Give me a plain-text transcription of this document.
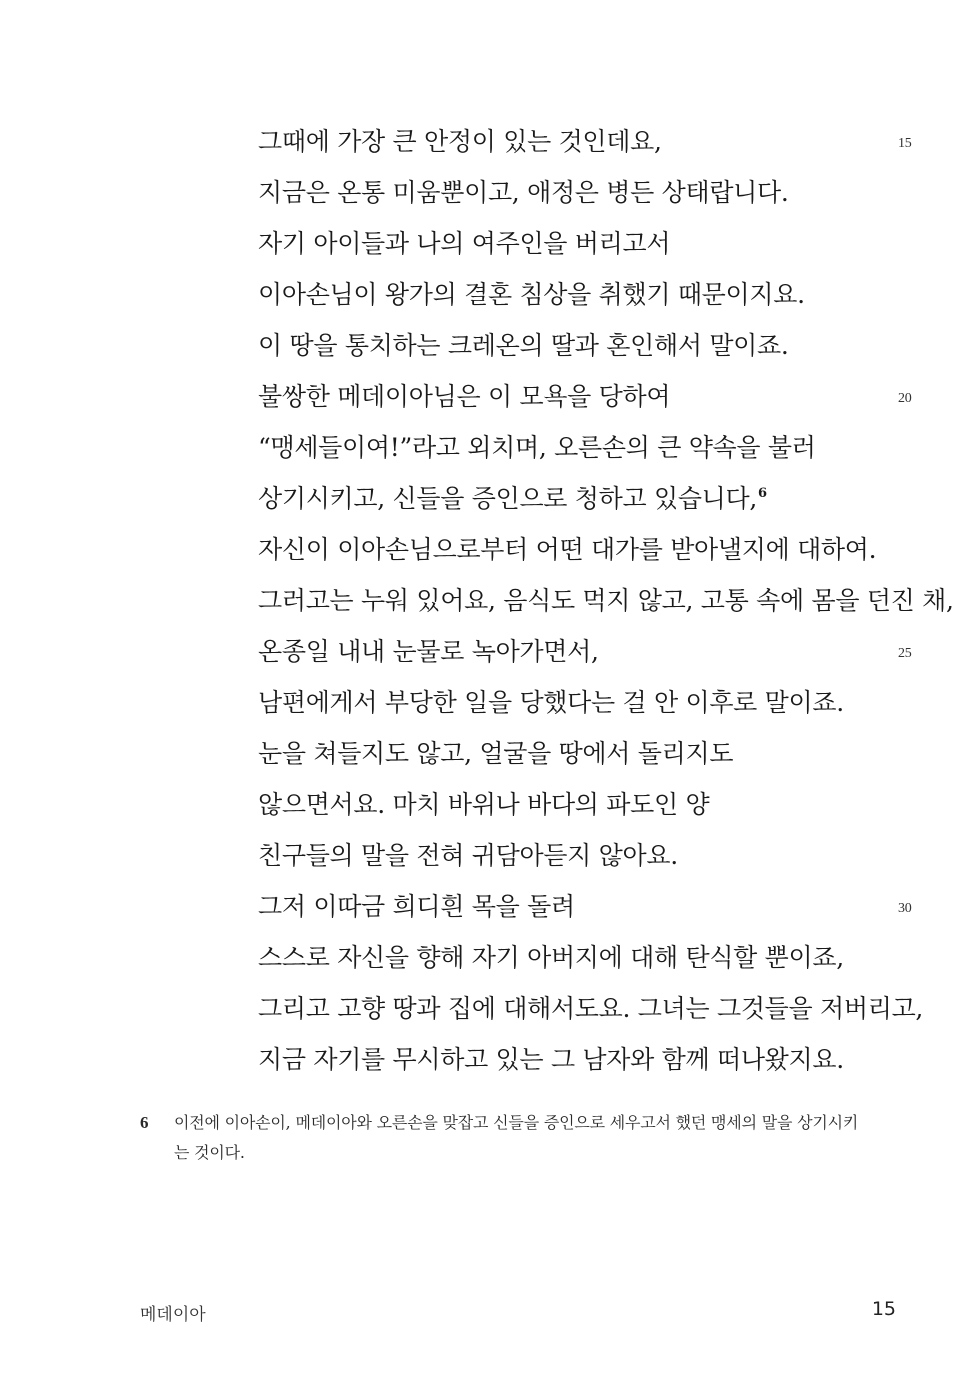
그때에 가장 큰 안정이 있는 것인데요,	15
지금은 온통 미움뿐이고, 애정은 병든 상태랍니다.
자기 아이들과 나의 여주인을 버리고서
이아손님이 왕가의 결혼 침상을 취했기 때문이지요.
이 땅을 통치하는 크레온의 딸과 혼인해서 말이죠.
불쌍한 메데이아님은 이 모욕을 당하여	20
“맹세들이여!”라고 외치며, 오른손의 큰 약속을 불러
상기시키고, 신들을 증인으로 청하고 있습니다,$^6$
자신이 이아손님으로부터 어떤 대가를 받아낼지에 대하여.
그러고는 누워 있어요, 음식도 먹지 않고, 고통 속에 몸을 던진 채,
온종일 내내 눈물로 녹아가면서,	25
남편에게서 부당한 일을 당했다는 걸 안 이후로 말이죠.
눈을 쳐들지도 않고, 얼굴을 땅에서 돌리지도
않으면서요. 마치 바위나 바다의 파도인 양
친구들의 말을 전혀 귀담아듣지 않아요.
그저 이따금 희디흰 목을 돌려	30
스스로 자신을 향해 자기 아버지에 대해 탄식할 뿐이죠,
그리고 고향 땅과 집에 대해서도요. 그녀는 그것들을 저버리고,
지금 자기를 무시하고 있는 그 남자와 함께 떠나왔지요.
6 이전에 이아손이, 메데이아와 오른손을 맞잡고 신들을 증인으로 세우고서 했던 맹세의 말을 상기시키는 것이다.
메데이아	15
